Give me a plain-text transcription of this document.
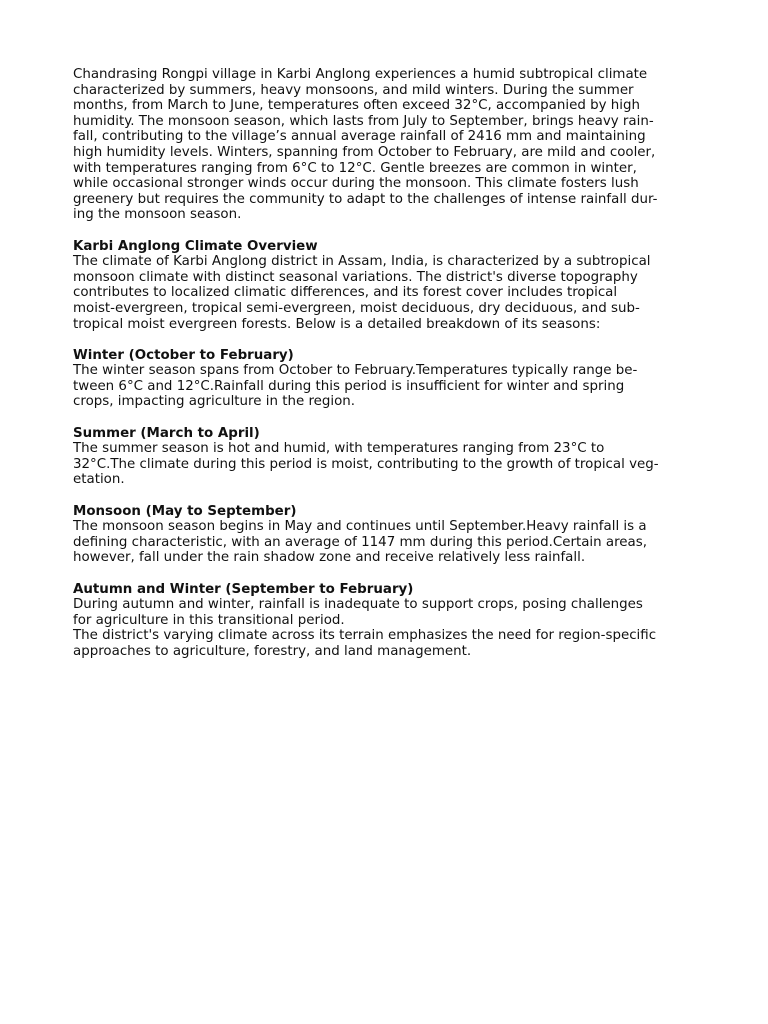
Chandrasing Rongpi village in Karbi Anglong experiences a humid subtropical climate

characterized by summers, heavy monsoons, and mild winters. During the summer

months, from March to June, temperatures often exceed 32°C, accompanied by high

humidity. The monsoon season, which lasts from July to September, brings heavy rain-

fall, contributing to the village’s annual average rainfall of 2416 mm and maintaining

high humidity levels. Winters, spanning from October to February, are mild and cooler,

with temperatures ranging from 6°C to 12°C. Gentle breezes are common in winter,

while occasional stronger winds occur during the monsoon. This climate fosters lush

greenery but requires the community to adapt to the challenges of intense rainfall dur-

ing the monsoon season.

Karbi Anglong Climate Overview

The climate of Karbi Anglong district in Assam, India, is characterized by a subtropical

monsoon climate with distinct seasonal variations. The district's diverse topography

contributes to localized climatic differences, and its forest cover includes tropical

moist-evergreen, tropical semi-evergreen, moist deciduous, dry deciduous, and sub-

tropical moist evergreen forests. Below is a detailed breakdown of its seasons:

Winter (October to February)

The winter season spans from October to February.Temperatures typically range be-

tween 6°C and 12°C.Rainfall during this period is insufficient for winter and spring

crops, impacting agriculture in the region.

Summer (March to April)

The summer season is hot and humid, with temperatures ranging from 23°C to

32°C.The climate during this period is moist, contributing to the growth of tropical veg-

etation.

Monsoon (May to September)

The monsoon season begins in May and continues until September.Heavy rainfall is a

defining characteristic, with an average of 1147 mm during this period.Certain areas,

however, fall under the rain shadow zone and receive relatively less rainfall.

Autumn and Winter (September to February)

During autumn and winter, rainfall is inadequate to support crops, posing challenges

for agriculture in this transitional period.

The district's varying climate across its terrain emphasizes the need for region-specific

approaches to agriculture, forestry, and land management.
